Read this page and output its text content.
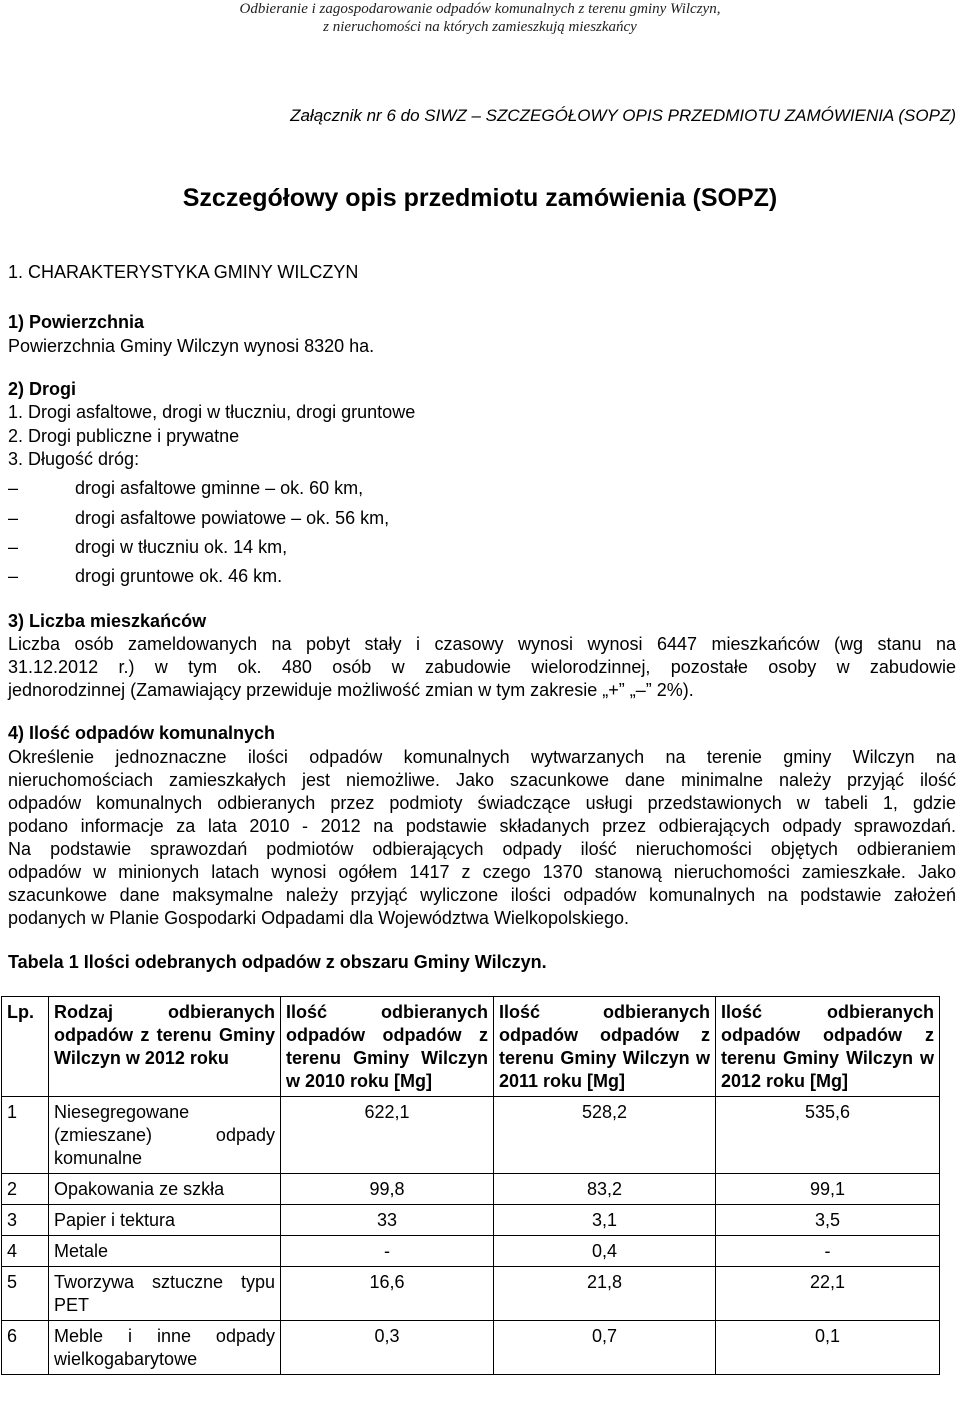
Odbieranie i zagospodarowanie odpadów komunalnych z terenu gminy Wilczyn,
z nieruchomości na których zamieszkują mieszkańcy
Załącznik nr 6 do SIWZ – SZCZEGÓŁOWY OPIS PRZEDMIOTU ZAMÓWIENIA (SOPZ)
Szczegółowy opis przedmiotu zamówienia (SOPZ)
1. CHARAKTERYSTYKA GMINY WILCZYN
1) Powierzchnia
Powierzchnia Gminy Wilczyn wynosi 8320 ha.
2) Drogi
1. Drogi asfaltowe, drogi w tłuczniu, drogi gruntowe
2. Drogi publiczne i prywatne
3. Długość dróg:
–	drogi asfaltowe gminne – ok. 60 km,
–	drogi asfaltowe powiatowe – ok. 56 km,
–	drogi w tłuczniu ok. 14 km,
–	drogi gruntowe ok. 46 km.
3) Liczba mieszkańców
Liczba osób zameldowanych na pobyt stały i czasowy wynosi wynosi 6447 mieszkańców (wg stanu na
31.12.2012 r.) w tym ok. 480 osób w zabudowie wielorodzinnej, pozostałe osoby w zabudowie
jednorodzinnej (Zamawiający przewiduje możliwość zmian w tym zakresie „+” „–” 2%).
4) Ilość odpadów komunalnych
Określenie jednoznaczne ilości odpadów komunalnych wytwarzanych na terenie gminy Wilczyn na
nieruchomościach zamieszkałych jest niemożliwe. Jako szacunkowe dane minimalne należy przyjąć ilość
odpadów komunalnych odbieranych przez podmioty świadczące usługi przedstawionych w tabeli 1, gdzie
podano informacje za lata 2010 - 2012 na podstawie składanych przez odbierających odpady sprawozdań.
Na podstawie sprawozdań podmiotów odbierających odpady ilość nieruchomości objętych odbieraniem
odpadów w minionych latach wynosi ogółem 1417 z czego 1370 stanową nieruchomości zamieszkałe. Jako
szacunkowe dane maksymalne należy przyjąć wyliczone ilości odpadów komunalnych na podstawie założeń
podanych w Planie Gospodarki Odpadami dla Województwa Wielkopolskiego.
Tabela 1 Ilości odebranych odpadów z obszaru Gminy Wilczyn.
Lp.	Rodzaj odbieranych odpadów z terenu Gminy Wilczyn w 2012 roku	Ilość odbieranych odpadów odpadów z terenu Gminy Wilczyn w 2010 roku [Mg]	Ilość odbieranych odpadów odpadów z terenu Gminy Wilczyn w 2011 roku [Mg]	Ilość odbieranych odpadów odpadów z terenu Gminy Wilczyn w 2012 roku [Mg]
1	Niesegregowane (zmieszane) odpady komunalne	622,1	528,2	535,6
2	Opakowania ze szkła	99,8	83,2	99,1
3	Papier i tektura	33	3,1	3,5
4	Metale	-	0,4	-
5	Tworzywa sztuczne typu PET	16,6	21,8	22,1
6	Meble i inne odpady wielkogabarytowe	0,3	0,7	0,1
